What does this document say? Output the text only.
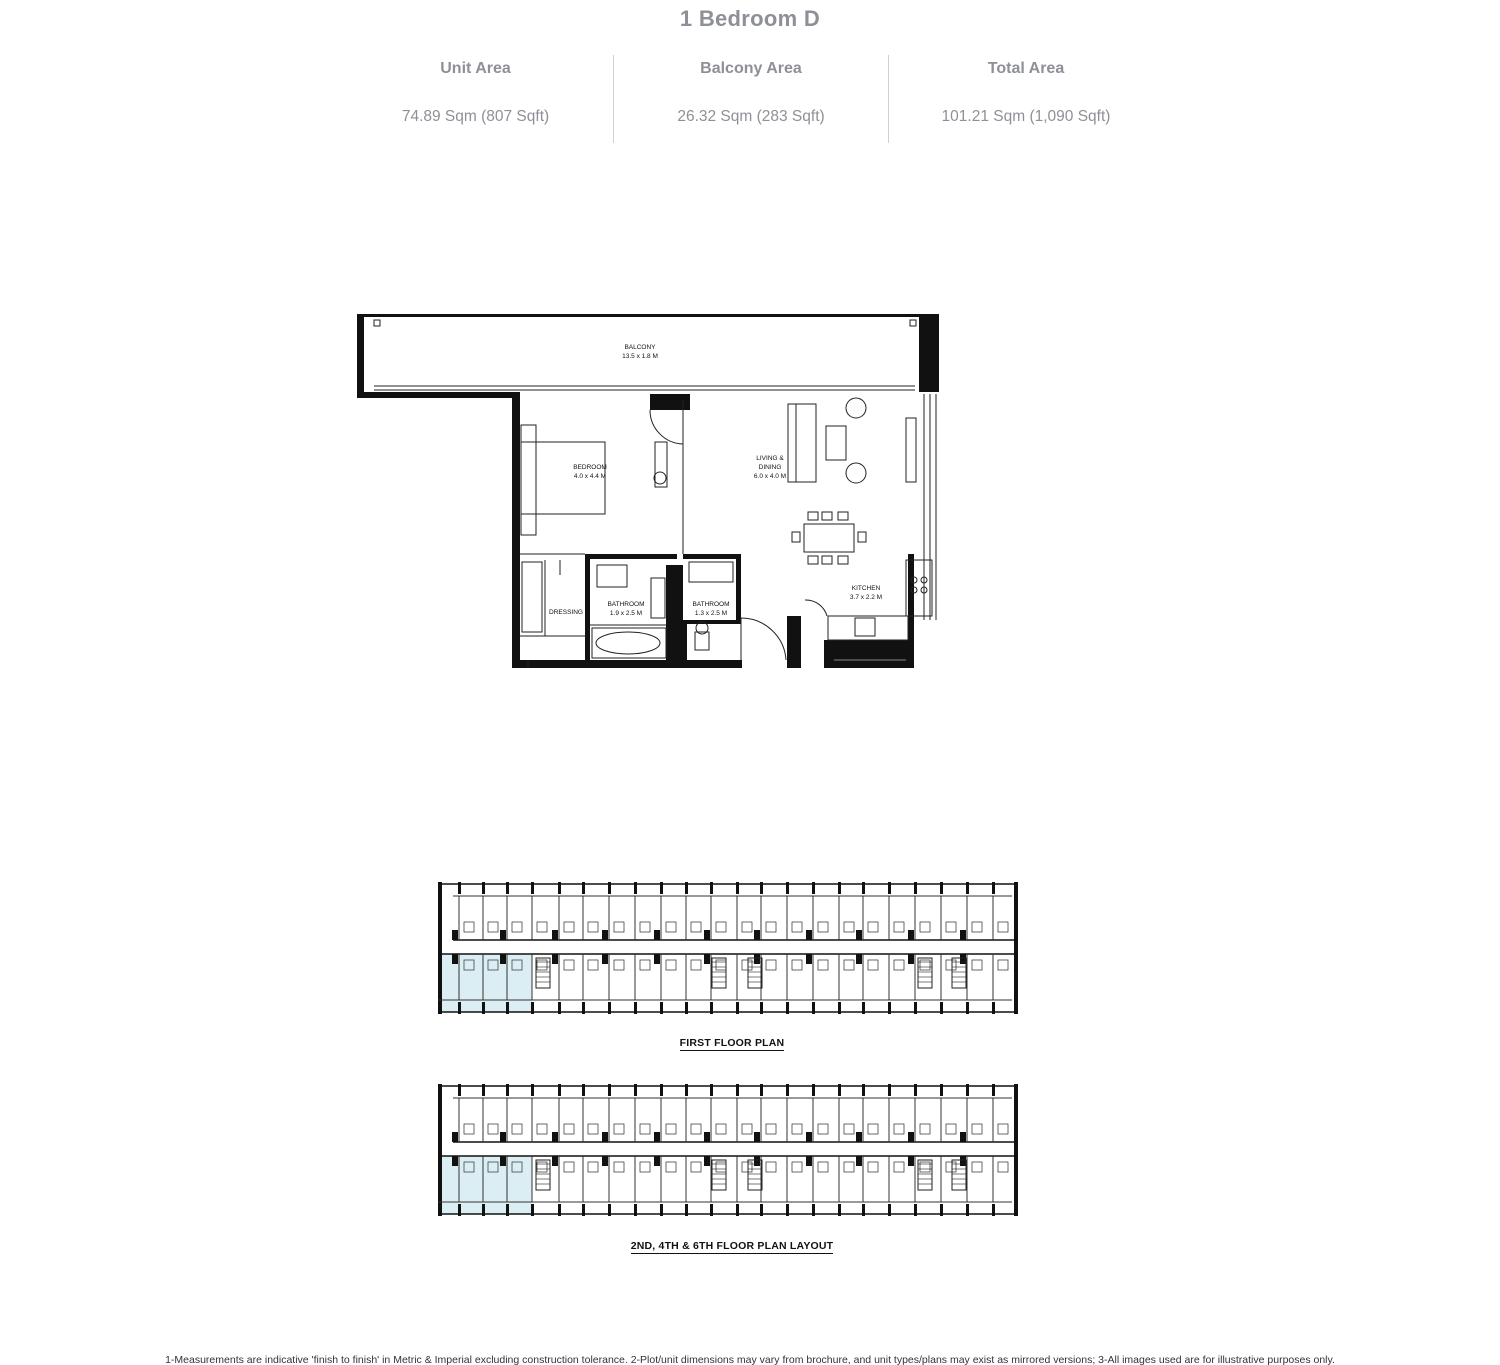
1 Bedroom D
Unit Area
74.89 Sqm (807 Sqft)
Balcony Area
26.32 Sqm (283 Sqft)
Total Area
101.21 Sqm (1,090 Sqft)
BALCONY
13.5 x 1.8 M
BEDROOM
4.0 x 4.4 M
LIVING &
DINING
6.0 x 4.0 M
KITCHEN
3.7 x 2.2 M
BATHROOM
1.9 x 2.5 M
BATHROOM
1.3 x 2.5 M
DRESSING
FIRST FLOOR PLAN
2ND, 4TH & 6TH FLOOR PLAN LAYOUT
1-Measurements are indicative 'finish to finish' in Metric & Imperial excluding construction tolerance. 2-Plot/unit dimensions may vary from brochure, and unit types/plans may exist as mirrored versions; 3-All images used are for illustrative purposes only.
